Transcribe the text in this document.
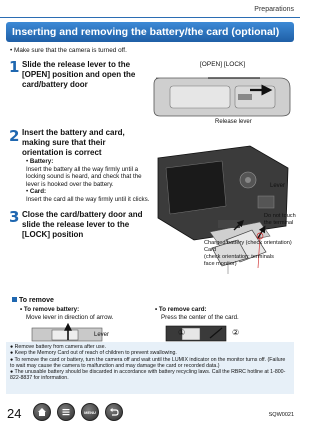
Preparations
Inserting and removing the battery/the card (optional)
• Make sure that the camera is turned off.
1 Slide the release lever to the [OPEN] position and open the card/battery door
[OPEN] [LOCK]
Release lever
2 Insert the battery and card, making sure that their orientation is correct
• Battery:
Insert the battery all the way firmly until a locking sound is heard, and check that the lever is hooked over the battery.
• Card:
Insert the card all the way firmly until it clicks.
Lever
Do not touch the terminal
Charged battery (check orientation)
Card
(check orientation: terminals face monitor)
3 Close the card/battery door and slide the release lever to the [LOCK] position
To remove
• To remove battery:
Move lever in direction of arrow.
• To remove card:
Press the center of the card.
Lever	①	②
● Remove battery from camera after use.
● Keep the Memory Card out of reach of children to prevent swallowing.
● To remove the card or battery, turn the camera off and wait until the LUMIX indicator on the monitor turns off. (Failure to wait may cause the camera to malfunction and may damage the card or recorded data.)
● The unusable battery should be discarded in accordance with battery recycling laws. Call the RBRC hotline at 1-800-822-8837 for information.
24	MENU	SQW0021
